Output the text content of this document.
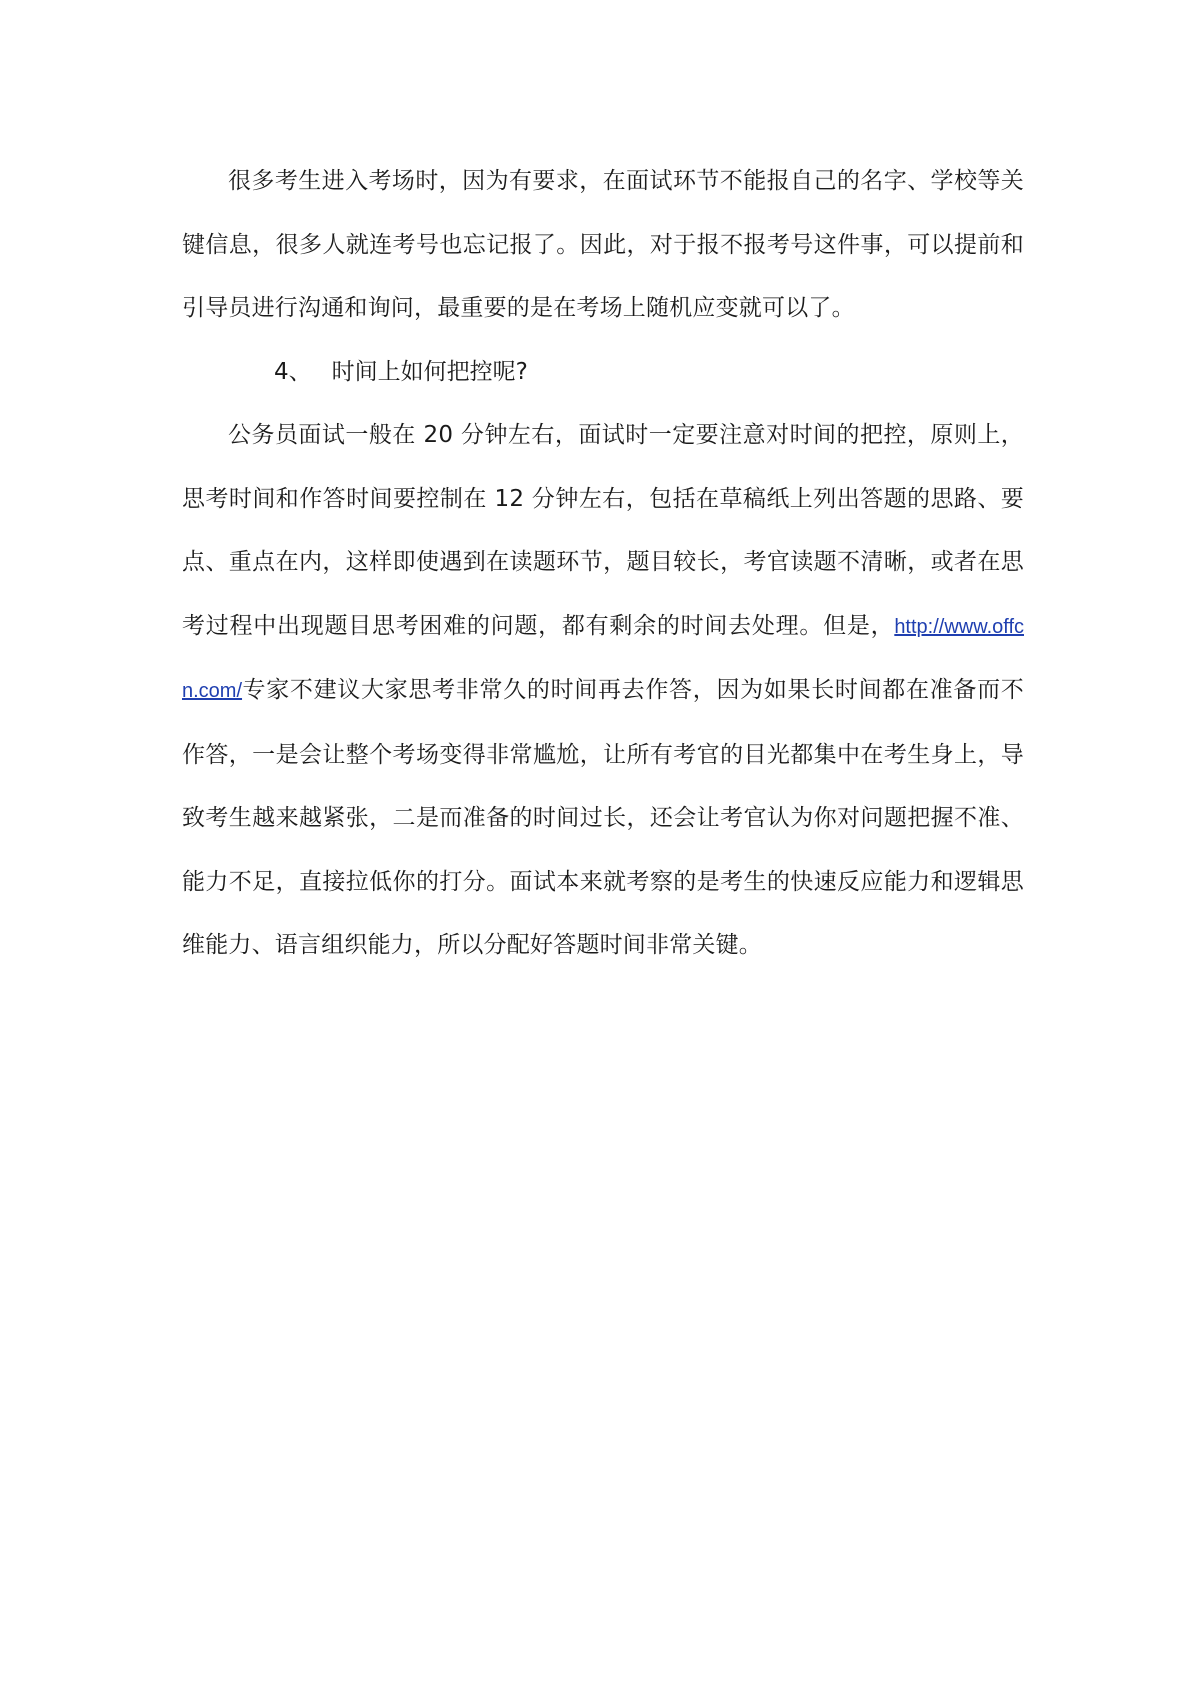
很多考生进入考场时，因为有要求，在面试环节不能报自己的名字、学校等关键信息，很多人就连考号也忘记报了。因此，对于报不报考号这件事，可以提前和引导员进行沟通和询问，最重要的是在考场上随机应变就可以了。

4、 时间上如何把控呢?

公务员面试一般在 20 分钟左右，面试时一定要注意对时间的把控，原则上，思考时间和作答时间要控制在 12 分钟左右，包括在草稿纸上列出答题的思路、要点、重点在内，这样即使遇到在读题环节，题目较长，考官读题不清晰，或者在思考过程中出现题目思考困难的问题，都有剩余的时间去处理。但是，http://www.offcn.com/专家不建议大家思考非常久的时间再去作答，因为如果长时间都在准备而不作答，一是会让整个考场变得非常尴尬，让所有考官的目光都集中在考生身上，导致考生越来越紧张，二是而准备的时间过长，还会让考官认为你对问题把握不准、能力不足，直接拉低你的打分。面试本来就考察的是考生的快速反应能力和逻辑思维能力、语言组织能力，所以分配好答题时间非常关键。
